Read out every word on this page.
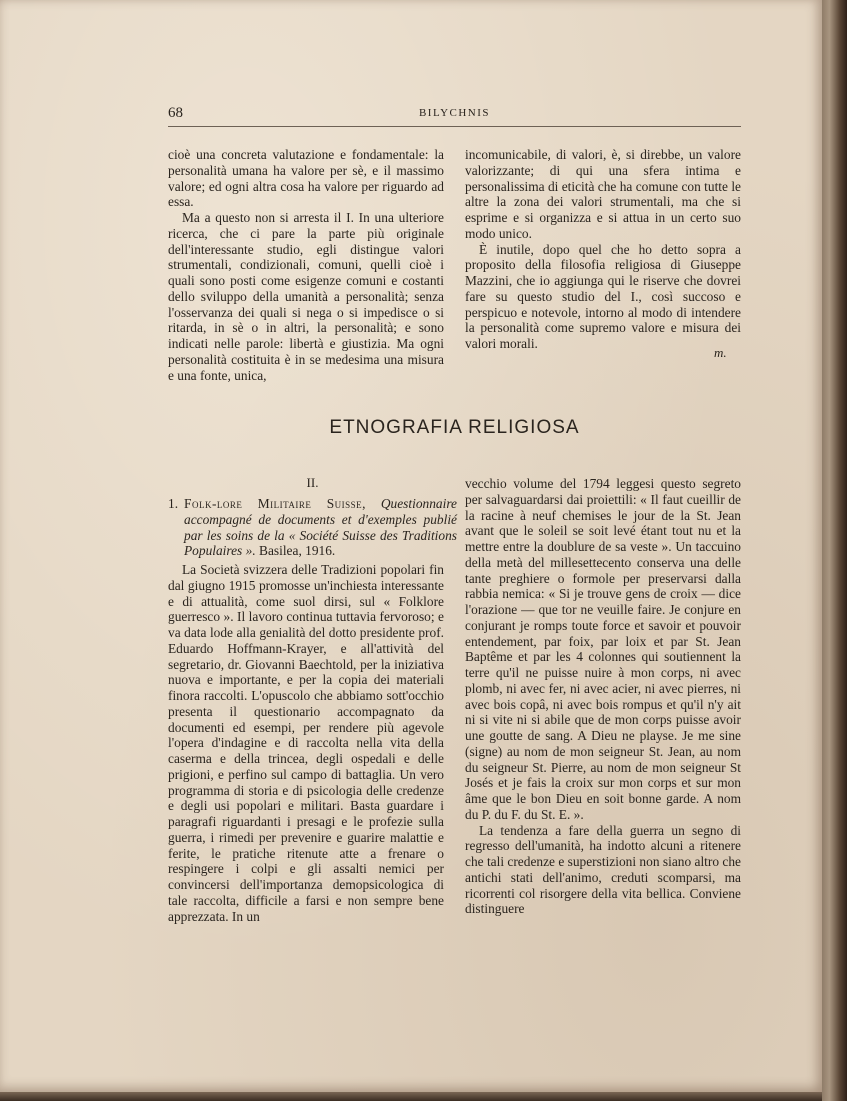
68	BILYCHNIS

cioè una concreta valutazione e fondamentale: la personalità umana ha valore per sè, e il massimo valore; ed ogni altra cosa ha valore per riguardo ad essa.

Ma a questo non si arresta il I. In una ulteriore ricerca, che ci pare la parte più originale dell'interessante studio, egli distingue valori strumentali, condizionali, comuni, quelli cioè i quali sono posti come esigenze comuni e costanti dello sviluppo della umanità a personalità; senza l'osservanza dei quali si nega o si impedisce o si ritarda, in sè o in altri, la personalità; e sono indicati nelle parole: libertà e giustizia. Ma ogni personalità costituita è in se medesima una misura e una fonte, unica,

incomunicabile, di valori, è, si direbbe, un valore valorizzante; di qui una sfera intima e personalissima di eticità che ha comune con tutte le altre la zona dei valori strumentali, ma che si esprime e si organizza e si attua in un certo suo modo unico.

È inutile, dopo quel che ho detto sopra a proposito della filosofia religiosa di Giuseppe Mazzini, che io aggiunga qui le riserve che dovrei fare su questo studio del I., così succoso e perspicuo e notevole, intorno al modo di intendere la personalità come supremo valore e misura dei valori morali.

m.
ETNOGRAFIA RELIGIOSA
II.
1. Folk-lore Militaire Suisse, Questionnaire accompagné de documents et d'exemples publié par les soins de la « Société Suisse des Traditions Populaires ». Basilea, 1916.

La Società svizzera delle Tradizioni popolari fin dal giugno 1915 promosse un'inchiesta interessante e di attualità, come suol dirsi, sul « Folklore guerresco ». Il lavoro continua tuttavia fervoroso; e va data lode alla genialità del dotto presidente prof. Eduardo Hoffmann-Krayer, e all'attività del segretario, dr. Giovanni Baechtold, per la iniziativa nuova e importante, e per la copia dei materiali finora raccolti. L'opuscolo che abbiamo sott'occhio presenta il questionario accompagnato da documenti ed esempi, per rendere più agevole l'opera d'indagine e di raccolta nella vita della caserma e della trincea, degli ospedali e delle prigioni, e perfino sul campo di battaglia. Un vero programma di storia e di psicologia delle credenze e degli usi popolari e militari. Basta guardare i paragrafi riguardanti i presagi e le profezie sulla guerra, i rimedi per prevenire e guarire malattie e ferite, le pratiche ritenute atte a frenare o respingere i colpi e gli assalti nemici per convincersi dell'importanza demopsicologica di tale raccolta, difficile a farsi e non sempre bene apprezzata. In un

vecchio volume del 1794 leggesi questo segreto per salvaguardarsi dai proiettili: « Il faut cueillir de la racine à neuf chemises le jour de la St. Jean avant que le soleil se soit levé étant tout nu et la mettre entre la doublure de sa veste ». Un taccuino della metà del millesettecento conserva una delle tante preghiere o formole per preservarsi dalla rabbia nemica: « Si je trouve gens de croix — dice l'orazione — que tor ne veuille faire. Je conjure en conjurant je romps toute force et savoir et pouvoir entendement, par foix, par loix et par St. Jean Baptême et par les 4 colonnes qui soutiennent la terre qu'il ne puisse nuire à mon corps, ni avec plomb, ni avec fer, ni avec acier, ni avec pierres, ni avec bois copâ, ni avec bois rompus et qu'il n'y ait ni si vite ni si abile que de mon corps puisse avoir une goutte de sang. A Dieu ne playse. Je me sine (signe) au nom de mon seigneur St. Jean, au nom du seigneur St. Pierre, au nom de mon seigneur St Josés et je fais la croix sur mon corps et sur mon âme que le bon Dieu en soit bonne garde. A nom du P. du F. du St. E. ».

La tendenza a fare della guerra un segno di regresso dell'umanità, ha indotto alcuni a ritenere che tali credenze e superstizioni non siano altro che antichi stati dell'animo, creduti scomparsi, ma ricorrenti col risorgere della vita bellica. Conviene distinguere
